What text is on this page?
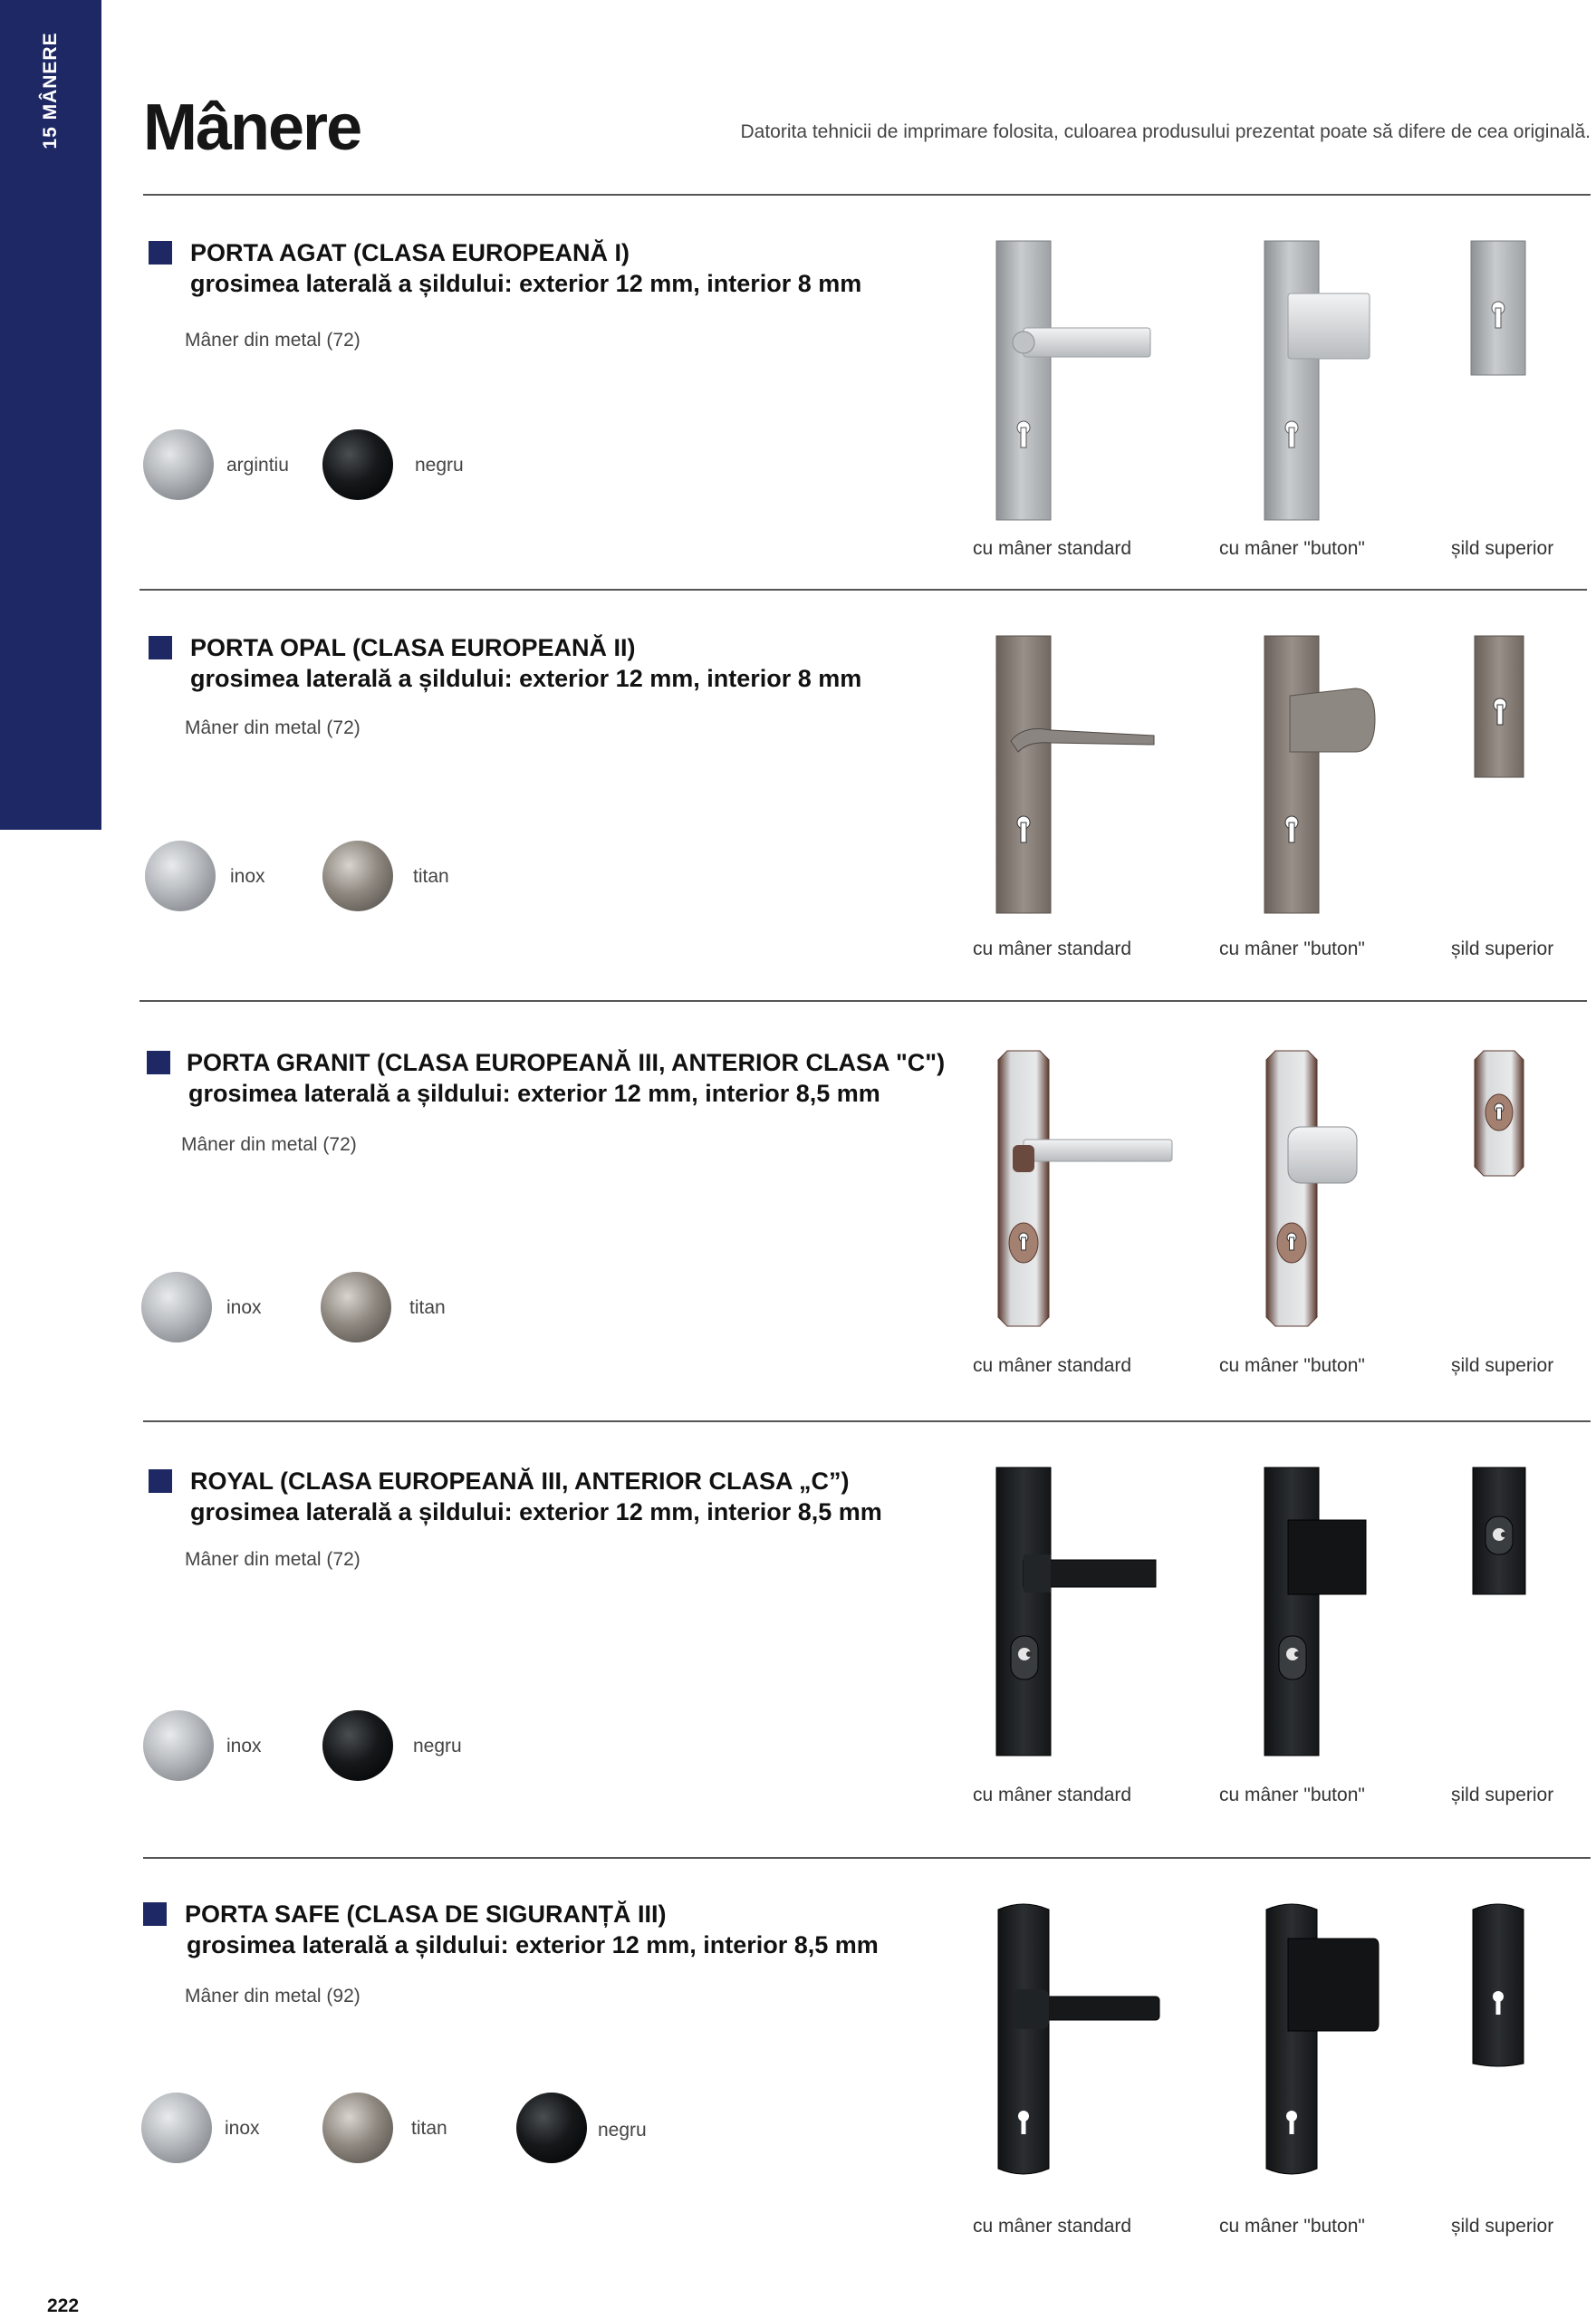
15 MÂNERE Mânere	Datorita tehnicii de imprimare folosita, culoarea produsului prezentat poate să difere de cea originală.
PORTA AGAT (CLASA EUROPEANĂ I)
grosimea laterală a șildului: exterior 12 mm, interior 8 mm
Mâner din metal (72)
argintiu	negru
cu mâner standard	cu mâner "buton"	șild superior
PORTA OPAL (CLASA EUROPEANĂ II)
grosimea laterală a șildului: exterior 12 mm, interior 8 mm
Mâner din metal (72)
inox	titan
cu mâner standard	cu mâner "buton"	șild superior
PORTA GRANIT (CLASA EUROPEANĂ III, ANTERIOR CLASA "C")
grosimea laterală a șildului: exterior 12 mm, interior 8,5 mm
Mâner din metal (72)
inox	titan
cu mâner standard	cu mâner "buton"	șild superior
ROYAL (CLASA EUROPEANĂ III, ANTERIOR CLASA „C”)
grosimea laterală a șildului: exterior 12 mm, interior 8,5 mm
Mâner din metal (72)
inox	negru
cu mâner standard	cu mâner "buton"	șild superior
PORTA SAFE (CLASA DE SIGURANȚĂ III)
grosimea laterală a șildului: exterior 12 mm, interior 8,5 mm
Mâner din metal (92)
inox	titan	negru
cu mâner standard	cu mâner "buton"	șild superior
222
